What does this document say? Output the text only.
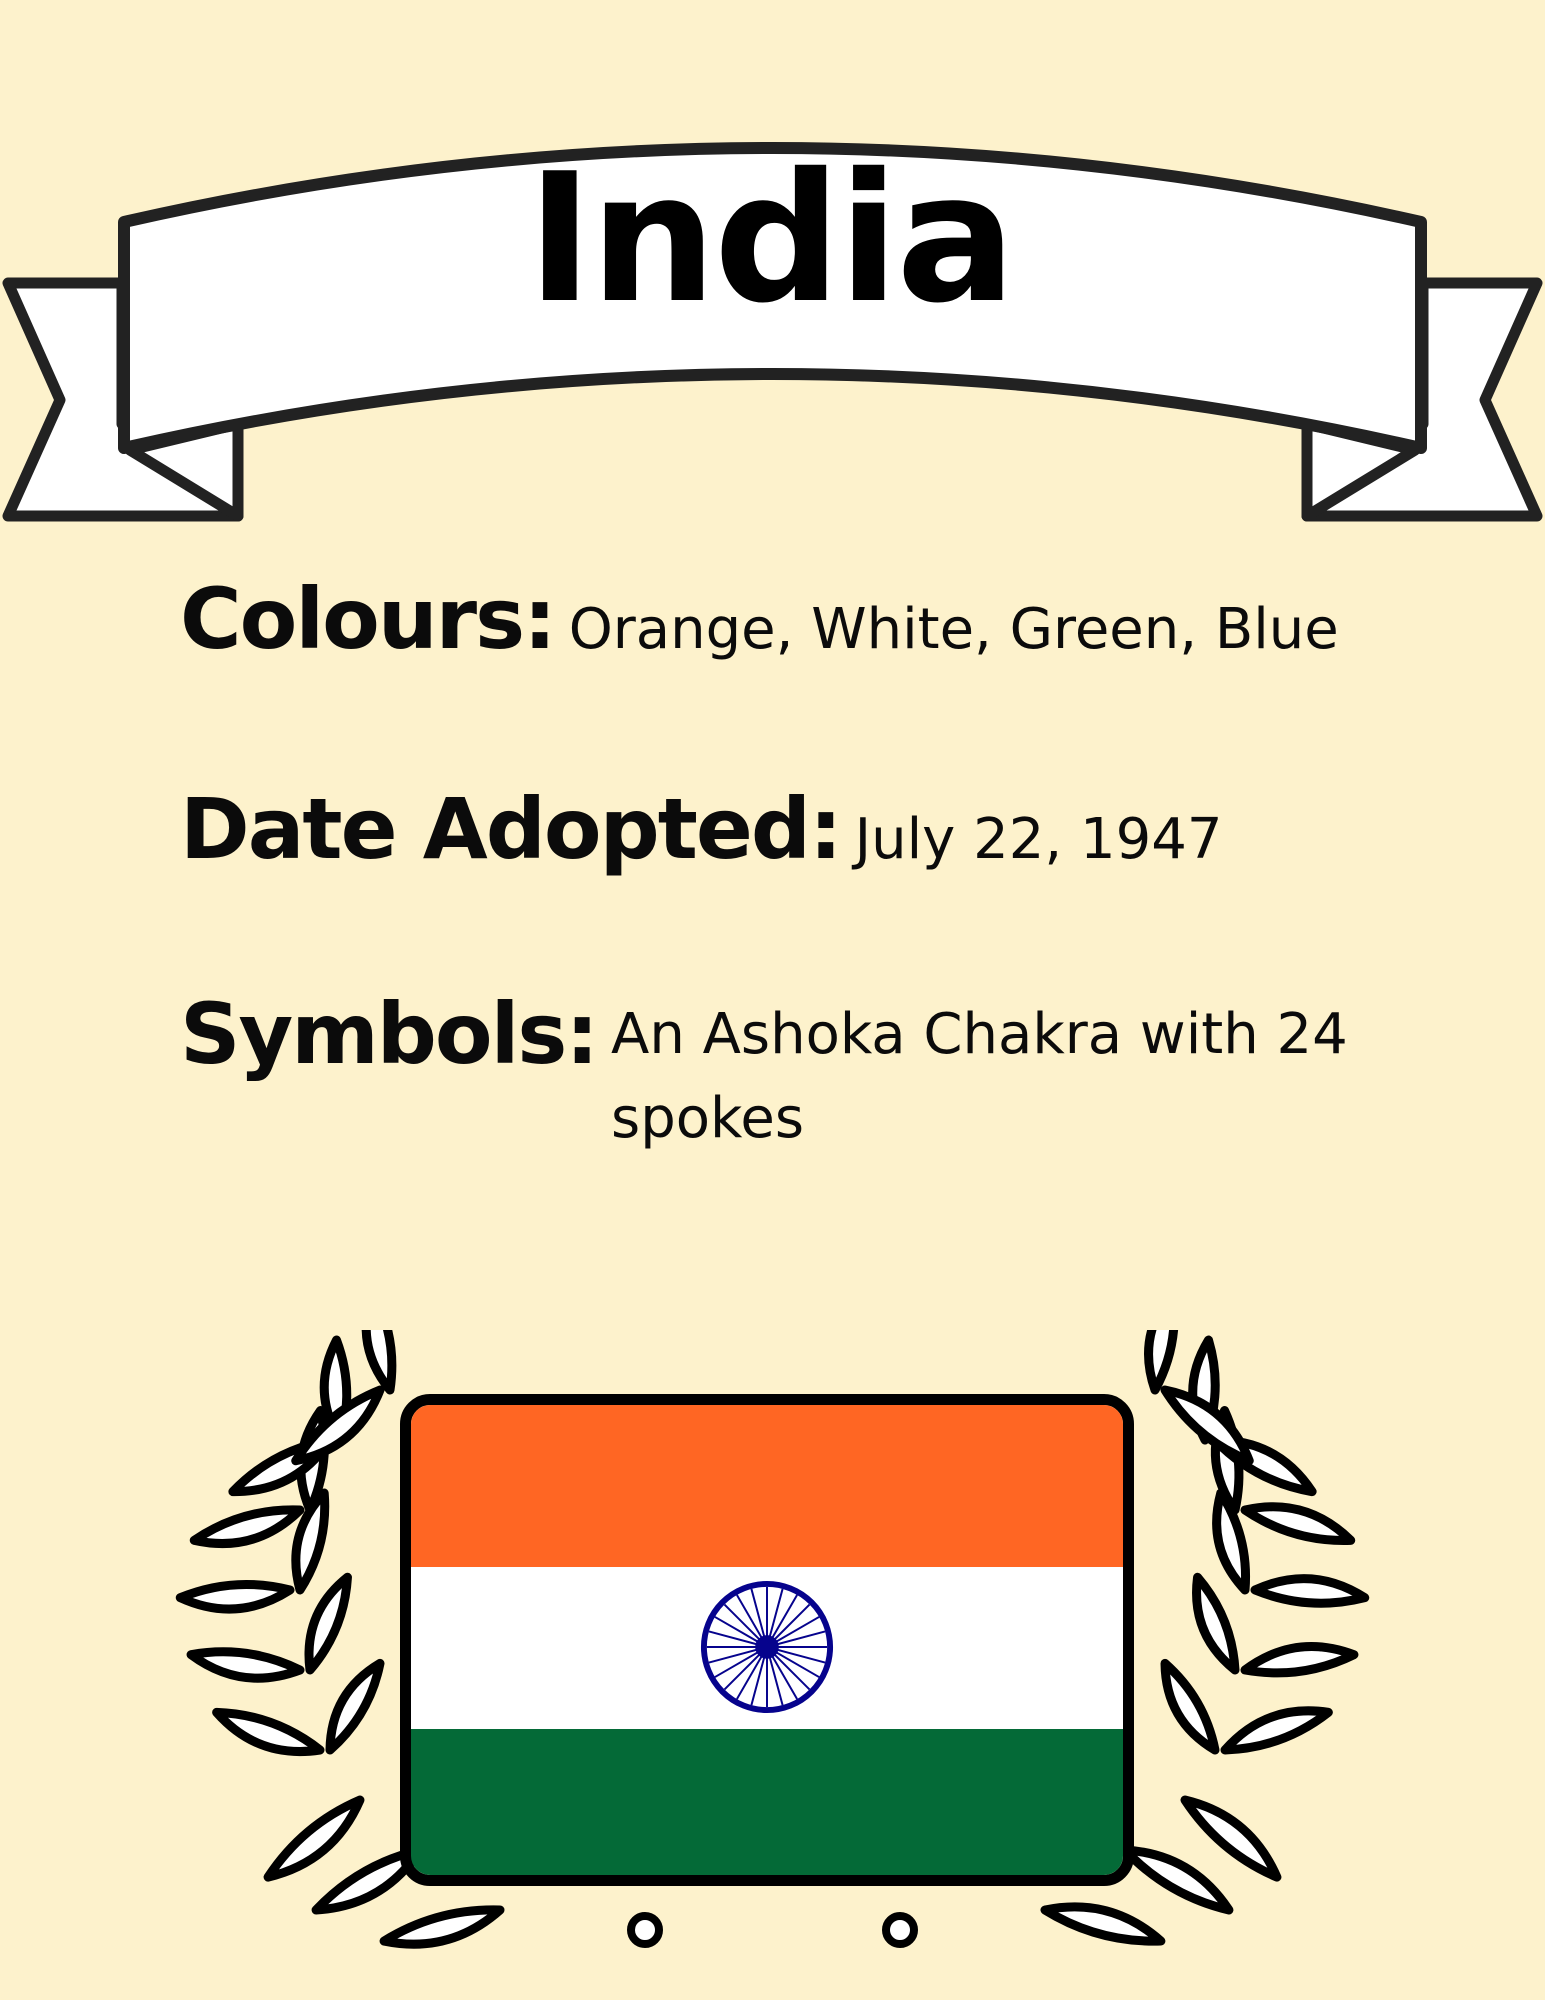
India
Colours: Orange, White, Green, Blue
Date Adopted: July 22, 1947
Symbols: An Ashoka Chakra with 24 spokes
